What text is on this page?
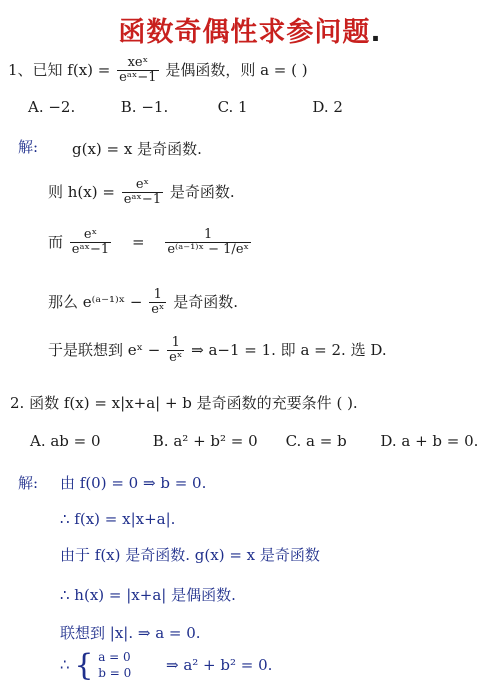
函数奇偶性求参问题.
1、已知 $f(x) = \frac{\text{xeˣ}}{\text{eᵃˣ−1}}$ 是偶函数，则 a = ( )
A. −2.	B. −1.	C. 1	D. 2
解: g(x) = x 是奇函数.
则 $h(x) = \frac{\text{eˣ}}{\text{eᵃˣ−1}}$ 是奇函数.
而 $\frac{\text{eˣ}}{\text{eᵃˣ−1}} = \frac{1}{\text{e⁽ᵃ⁻¹⁾ˣ − 1/eˣ}}$
那么 e⁽ᵃ⁻¹⁾ˣ − $\frac{1}{\text{eˣ}}$ 是奇函数.
于是联想到 eˣ − $\frac{1}{\text{eˣ}}$ ⇒ a−1 = 1. 即 a = 2. 选 D.
2. 函数 f(x) = x|x+a| + b 是奇函数的充要条件 ( ).
A. ab = 0	B. a² + b² = 0 C. a = b D. a + b = 0.
解: 由 f(0) = 0 ⇒ b = 0.
∴ f(x) = x|x+a|.
由于 f(x) 是奇函数. g(x) = x 是奇函数
∴ h(x) = |x+a| 是偶函数.
联想到 |x|. ⇒ a = 0.
∴ { a = 0
b = 0 ⇒ a² + b² = 0.
